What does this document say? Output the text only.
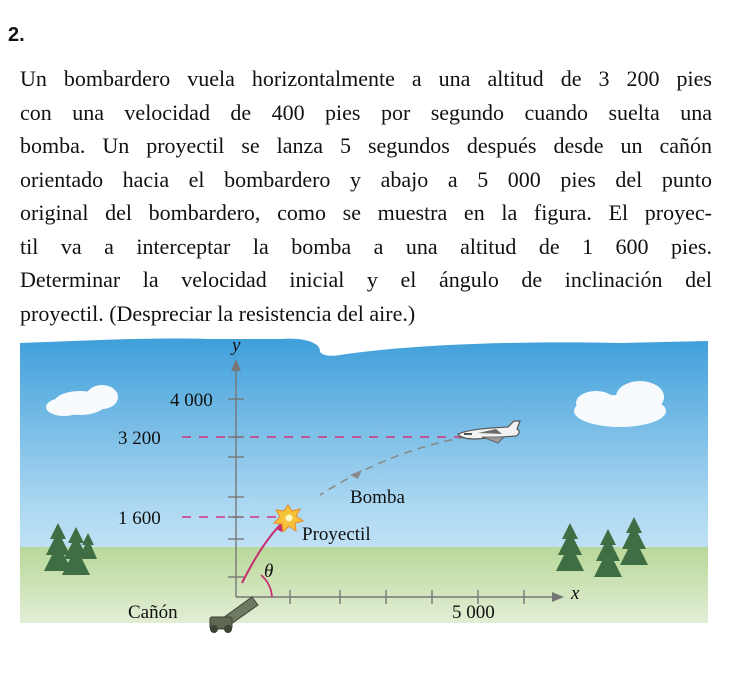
2.

Un bombardero vuela horizontalmente a una altitud de 3 200 pies
con una velocidad de 400 pies por segundo cuando suelta una
bomba. Un proyectil se lanza 5 segundos después desde un cañón
orientado hacia el bombardero y abajo a 5 000 pies del punto
original del bombardero, como se muestra en la figura. El proyec-
til va a interceptar la bomba a una altitud de 1 600 pies.
Determinar la velocidad inicial y el ángulo de inclinación del
proyectil. (Despreciar la resistencia del aire.)

y
x
4 000
3 200
1 600
5 000
Bomba
Proyectil
θ
Cañón
